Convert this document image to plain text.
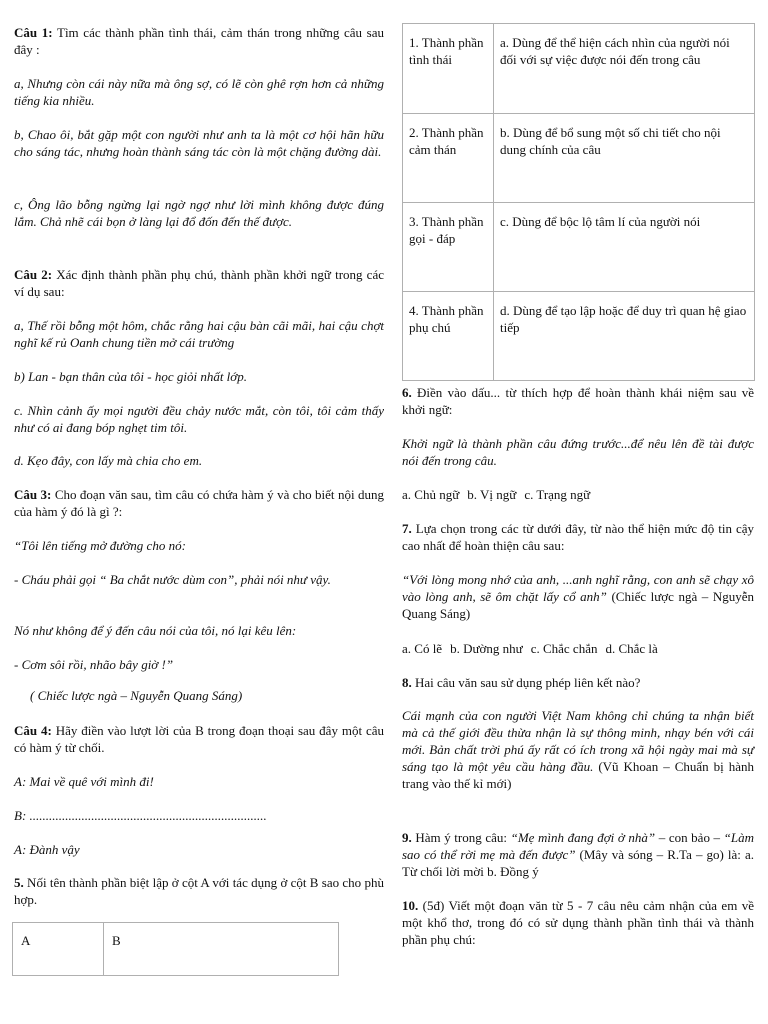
Câu 1: Tìm các thành phần tình thái, cảm thán trong những câu sau đây :

a, Nhưng còn cái này nữa mà ông sợ, có lẽ còn ghê rợn hơn cả những tiếng kia nhiều.

b, Chao ôi, bắt gặp một con người như anh ta là một cơ hội hãn hữu cho sáng tác, nhưng hoàn thành sáng tác còn là một chặng đường dài.

c, Ông lão bỗng ngừng lại ngờ ngợ như lời mình không được đúng lắm. Chả nhẽ cái bọn ở làng lại đổ đốn đến thế được.

Câu 2: Xác định thành phần phụ chú, thành phần khởi ngữ trong các ví dụ sau:

a, Thế rồi bỗng một hôm, chắc rằng hai cậu bàn cãi mãi, hai cậu chợt nghĩ kế rủ Oanh chung tiền mở cái trường

b) Lan - bạn thân của tôi - học giỏi nhất lớp.

c. Nhìn cảnh ấy mọi người đều chảy nước mắt, còn tôi, tôi cảm thấy như có ai đang bóp nghẹt tim tôi.

d. Kẹo đây, con lấy mà chia cho em.

Câu 3: Cho đoạn văn sau, tìm câu có chứa hàm ý và cho biết nội dung của hàm ý đó là gì ?:

“Tôi lên tiếng mở đường cho nó:

- Cháu phải gọi “ Ba chắt nước dùm con”, phải nói như vậy.

Nó như không để ý đến câu nói của tôi, nó lại kêu lên:

- Cơm sôi rồi, nhão bây giờ !”

( Chiếc lược ngà – Nguyễn Quang Sáng)

Câu 4: Hãy điền vào lượt lời của B trong đoạn thoại sau đây một câu có hàm ý từ chối.

A: Mai về quê với mình đi!

B: .........................................................................

A: Đành vậy

5. Nối tên thành phần biệt lập ở cột A với tác dụng ở cột B sao cho phù hợp.

A	B
1. Thành phần tình thái	a. Dùng để thể hiện cách nhìn của người nói đối với sự việc được nói đến trong câu
2. Thành phần cảm thán	b. Dùng để bổ sung một số chi tiết cho nội dung chính của câu
3. Thành phần gọi - đáp	c. Dùng để bộc lộ tâm lí của người nói
4. Thành phần phụ chú	d. Dùng để tạo lập hoặc để duy trì quan hệ giao tiếp

6. Điền vào dấu... từ thích hợp để hoàn thành khái niệm sau về khởi ngữ:

Khởi ngữ là thành phần câu đứng trước...để nêu lên đề tài được nói đến trong câu.

a. Chủ ngữ b. Vị ngữ c. Trạng ngữ

7. Lựa chọn trong các từ dưới đây, từ nào thể hiện mức độ tin cậy cao nhất để hoàn thiện câu sau:

“Với lòng mong nhớ của anh, ...anh nghĩ rằng, con anh sẽ chạy xô vào lòng anh, sẽ ôm chặt lấy cổ anh” (Chiếc lược ngà – Nguyễn Quang Sáng)

a. Có lẽ b. Dường như c. Chắc chắn d. Chắc là

8. Hai câu văn sau sử dụng phép liên kết nào?

Cái mạnh của con người Việt Nam không chỉ chúng ta nhận biết mà cả thế giới đều thừa nhận là sự thông minh, nhạy bén với cái mới. Bản chất trời phú ấy rất có ích trong xã hội ngày mai mà sự sáng tạo là một yêu cầu hàng đầu. (Vũ Khoan – Chuẩn bị hành trang vào thế kỉ mới)

9. Hàm ý trong câu: “Mẹ mình đang đợi ở nhà” – con bảo – “Làm sao có thể rời mẹ mà đến được” (Mây và sóng – R.Ta – go) là: a. Từ chối lời mời b. Đồng ý

10. (5đ) Viết một đoạn văn từ 5 - 7 câu nêu cảm nhận của em về một khổ thơ, trong đó có sử dụng thành phần tình thái và thành phần phụ chú:
